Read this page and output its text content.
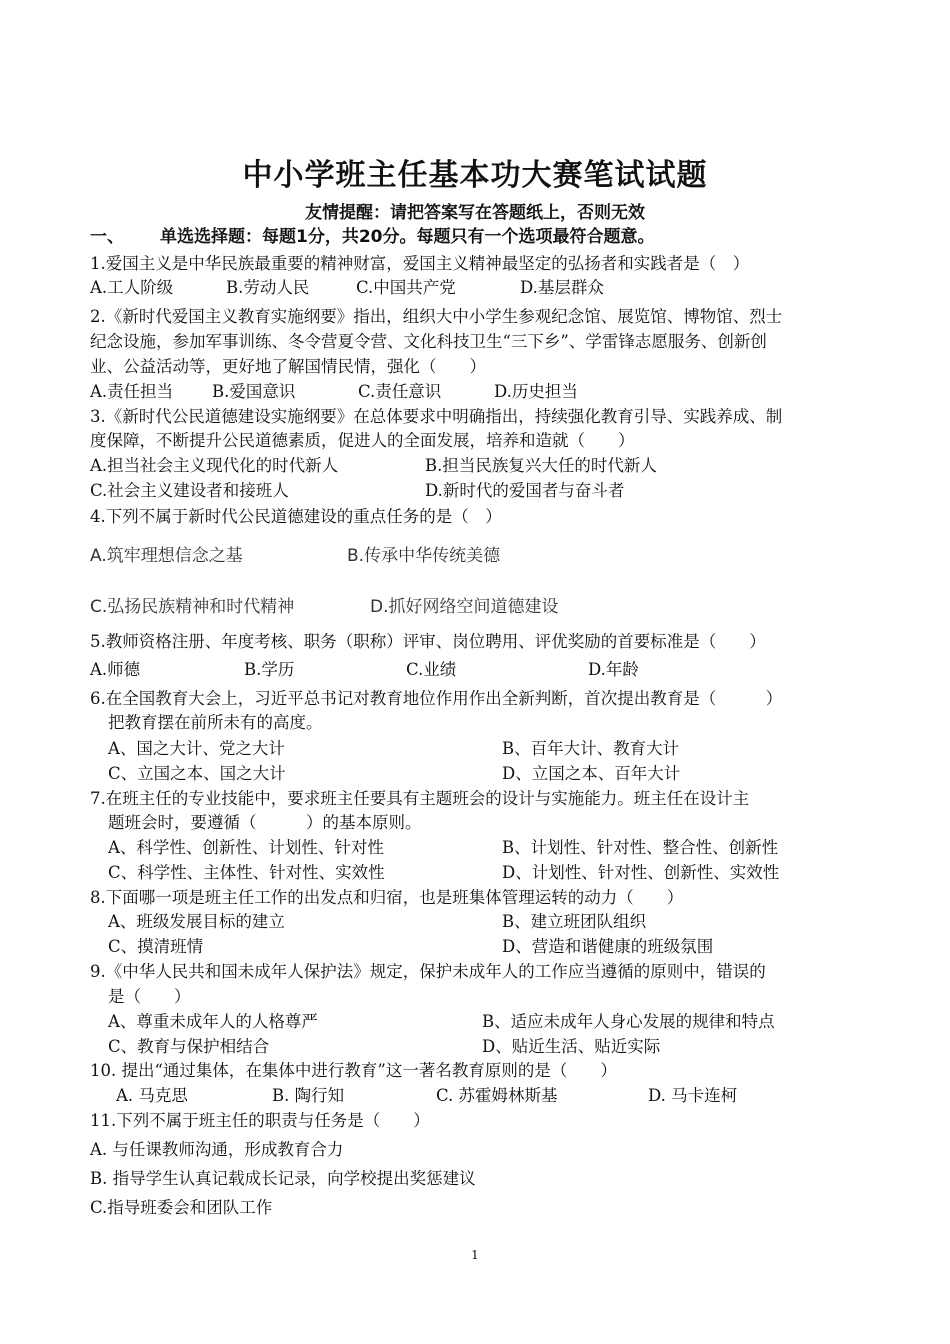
中小学班主任基本功大赛笔试试题
友情提醒：请把答案写在答题纸上，否则无效
一、 单选选择题：每题1分，共20分。每题只有一个选项最符合题意。
1.爱国主义是中华民族最重要的精神财富，爱国主义精神最坚定的弘扬者和实践者是（　）
A.工人阶级	B.劳动人民	C.中国共产党	D.基层群众
2.《新时代爱国主义教育实施纲要》指出，组织大中小学生参观纪念馆、展览馆、博物馆、烈士
纪念设施，参加军事训练、冬令营夏令营、文化科技卫生“三下乡”、学雷锋志愿服务、创新创
业、公益活动等，更好地了解国情民情，强化（　　）
A.责任担当 B.爱国意识	C.责任意识	D.历史担当
3.《新时代公民道德建设实施纲要》在总体要求中明确指出，持续强化教育引导、实践养成、制
度保障，不断提升公民道德素质，促进人的全面发展，培养和造就（　　）
A.担当社会主义现代化的时代新人	B.担当民族复兴大任的时代新人
C.社会主义建设者和接班人	D.新时代的爱国者与奋斗者
4.下列不属于新时代公民道德建设的重点任务的是（　）
A.筑牢理想信念之基	B.传承中华传统美德
C.弘扬民族精神和时代精神	D.抓好网络空间道德建设
5.教师资格注册、年度考核、职务（职称）评审、岗位聘用、评优奖励的首要标准是（　　）
A.师德	B.学历	C.业绩	D.年龄
6.在全国教育大会上，习近平总书记对教育地位作用作出全新判断，首次提出教育是（　　　）
把教育摆在前所未有的高度。
A、国之大计、党之大计	B、百年大计、教育大计
C、立国之本、国之大计	D、立国之本、百年大计
7.在班主任的专业技能中，要求班主任要具有主题班会的设计与实施能力。班主任在设计主
题班会时，要遵循（　　　）的基本原则。
A、科学性、创新性、计划性、针对性	B、计划性、针对性、整合性、创新性
C、科学性、主体性、针对性、实效性	D、计划性、针对性、创新性、实效性
8.下面哪一项是班主任工作的出发点和归宿，也是班集体管理运转的动力（　　）
A、班级发展目标的建立	B、建立班团队组织
C、摸清班情	D、营造和谐健康的班级氛围
9.《中华人民共和国未成年人保护法》规定，保护未成年人的工作应当遵循的原则中，错误的
是（　　）
A、尊重未成年人的人格尊严	B、适应未成年人身心发展的规律和特点
C、教育与保护相结合	D、贴近生活、贴近实际
10. 提出“通过集体，在集体中进行教育”这一著名教育原则的是（　　）
A. 马克思	B. 陶行知	C. 苏霍姆林斯基	D. 马卡连柯
11.下列不属于班主任的职责与任务是（　　）
A. 与任课教师沟通，形成教育合力
B. 指导学生认真记载成长记录，向学校提出奖惩建议
C.指导班委会和团队工作
1
